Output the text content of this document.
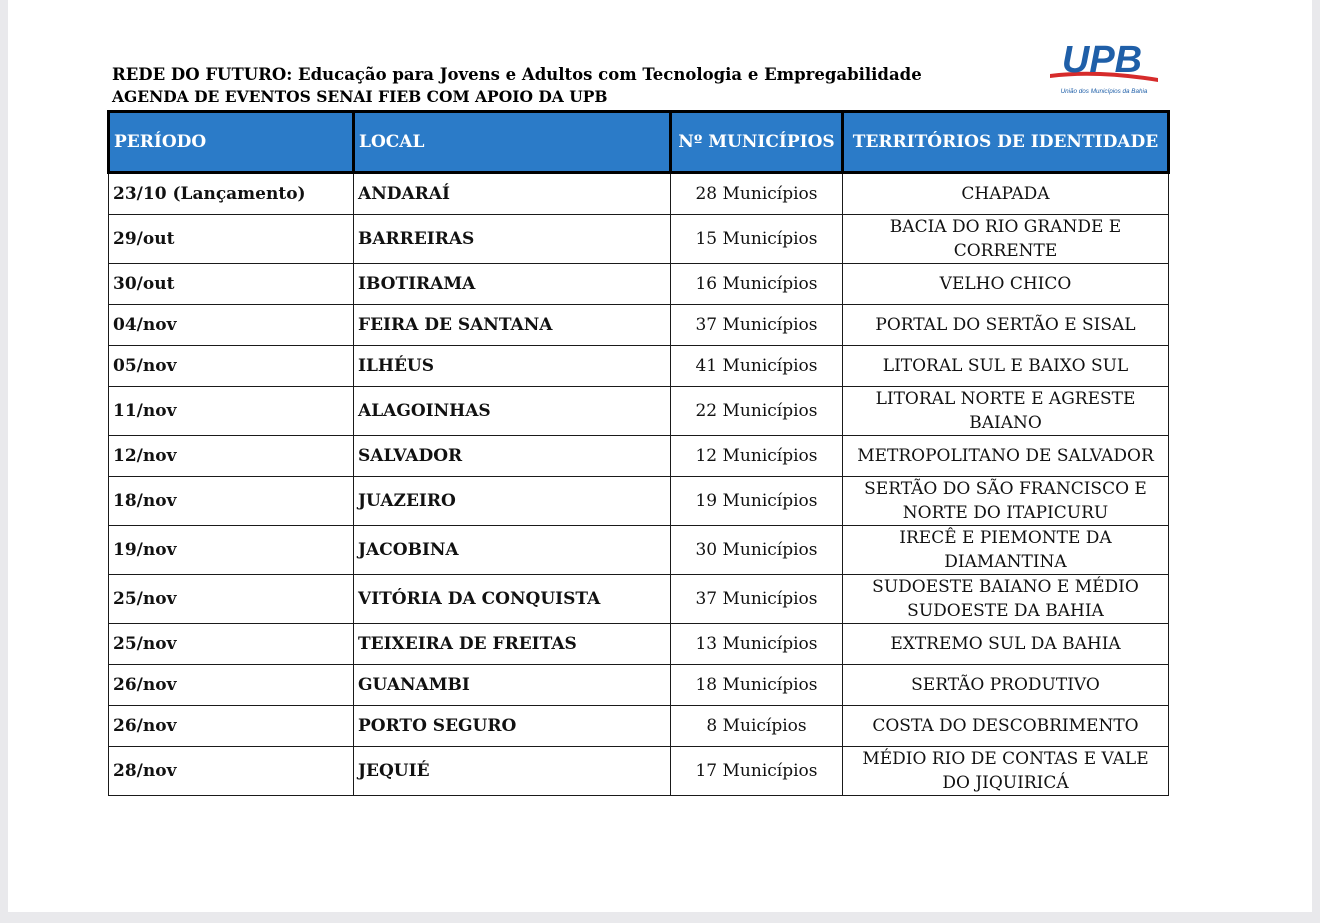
REDE DO FUTURO: Educação para Jovens e Adultos com Tecnologia e Empregabilidade

AGENDA DE EVENTOS SENAI FIEB COM APOIO DA UPB

UPB
União dos Municípios da Bahia
PERÍODO	LOCAL	Nº MUNICÍPIOS	TERRITÓRIOS DE IDENTIDADE
23/10 (Lançamento)	ANDARAÍ	28 Municípios	CHAPADA
29/out	BARREIRAS	15 Municípios	BACIA DO RIO GRANDE E CORRENTE
30/out	IBOTIRAMA	16 Municípios	VELHO CHICO
04/nov	FEIRA DE SANTANA	37 Municípios	PORTAL DO SERTÃO E SISAL
05/nov	ILHÉUS	41 Municípios	LITORAL SUL E BAIXO SUL
11/nov	ALAGOINHAS	22 Municípios	LITORAL NORTE E AGRESTE BAIANO
12/nov	SALVADOR	12 Municípios	METROPOLITANO DE SALVADOR
18/nov	JUAZEIRO	19 Municípios	SERTÃO DO SÃO FRANCISCO E NORTE DO ITAPICURU
19/nov	JACOBINA	30 Municípios	IRECÊ E PIEMONTE DA DIAMANTINA
25/nov	VITÓRIA DA CONQUISTA	37 Municípios	SUDOESTE BAIANO E MÉDIO SUDOESTE DA BAHIA
25/nov	TEIXEIRA DE FREITAS	13 Municípios	EXTREMO SUL DA BAHIA
26/nov	GUANAMBI	18 Municípios	SERTÃO PRODUTIVO
26/nov	PORTO SEGURO	8 Muicípios	COSTA DO DESCOBRIMENTO
28/nov	JEQUIÉ	17 Municípios	MÉDIO RIO DE CONTAS E VALE DO JIQUIRICÁ
